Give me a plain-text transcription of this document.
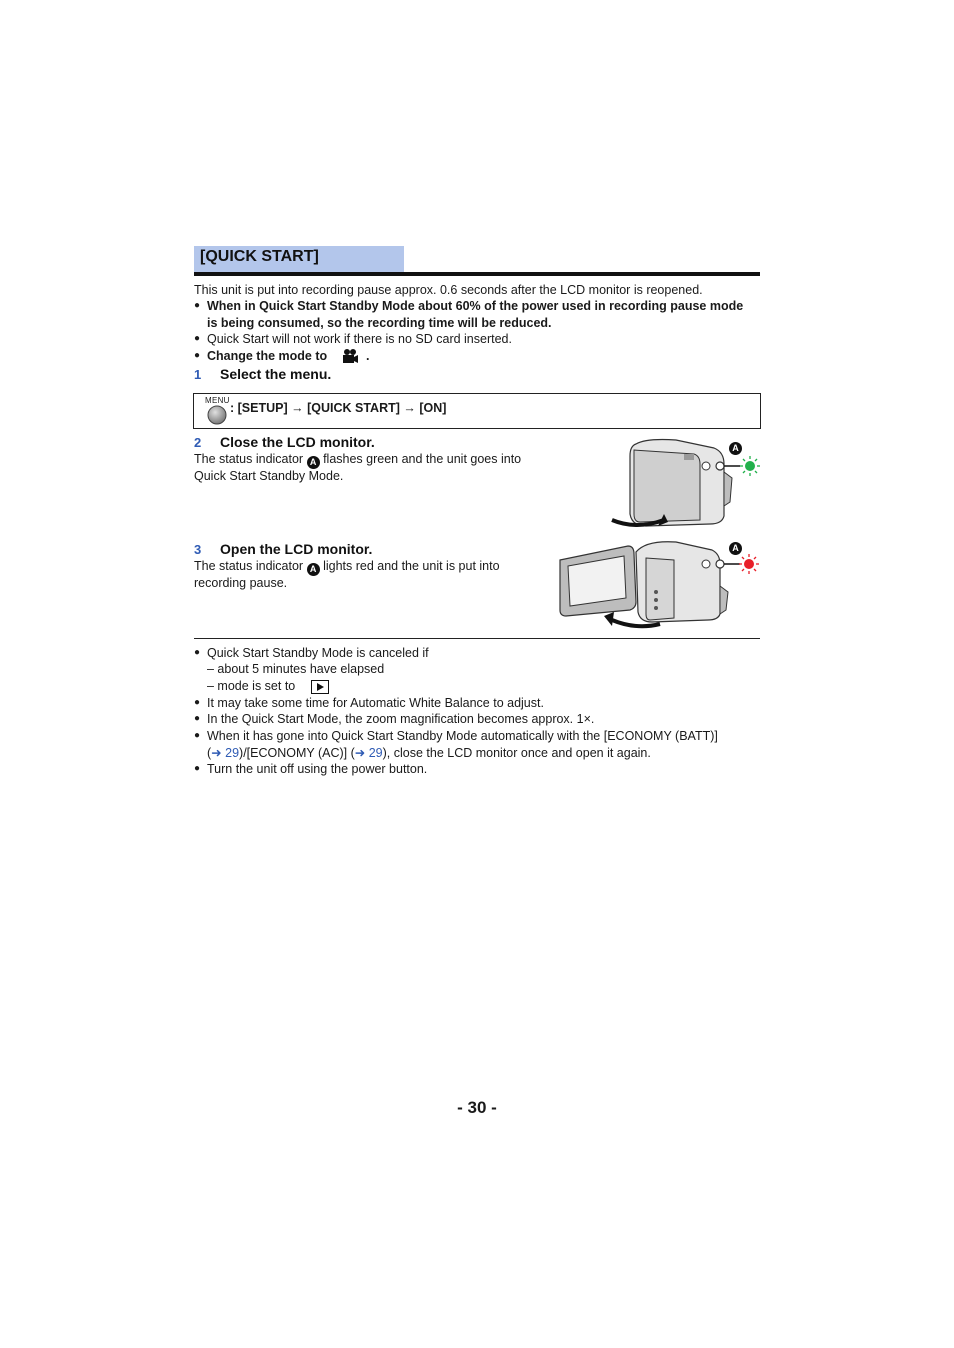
[QUICK START]
This unit is put into recording pause approx. 0.6 seconds after the LCD monitor is reopened.
● When in Quick Start Standby Mode about 60% of the power used in recording pause mode
is being consumed, so the recording time will be reduced.
● Quick Start will not work if there is no SD card inserted.
● Change the mode to	.
1 Select the menu.
MENU
: [SETUP] → [QUICK START] → [ON]
2 Close the LCD monitor.
The status indicator A flashes green and the unit goes into
Quick Start Standby Mode.
A
3 Open the LCD monitor.
The status indicator A lights red and the unit is put into
recording pause.
A
● Quick Start Standby Mode is canceled if
– about 5 minutes have elapsed
– mode is set to
● It may take some time for Automatic White Balance to adjust.
● In the Quick Start Mode, the zoom magnification becomes approx. 1×.
● When it has gone into Quick Start Standby Mode automatically with the [ECONOMY (BATT)]
(➜ 29)/[ECONOMY (AC)] (➜ 29), close the LCD monitor once and open it again.
● Turn the unit off using the power button.
- 30 -
